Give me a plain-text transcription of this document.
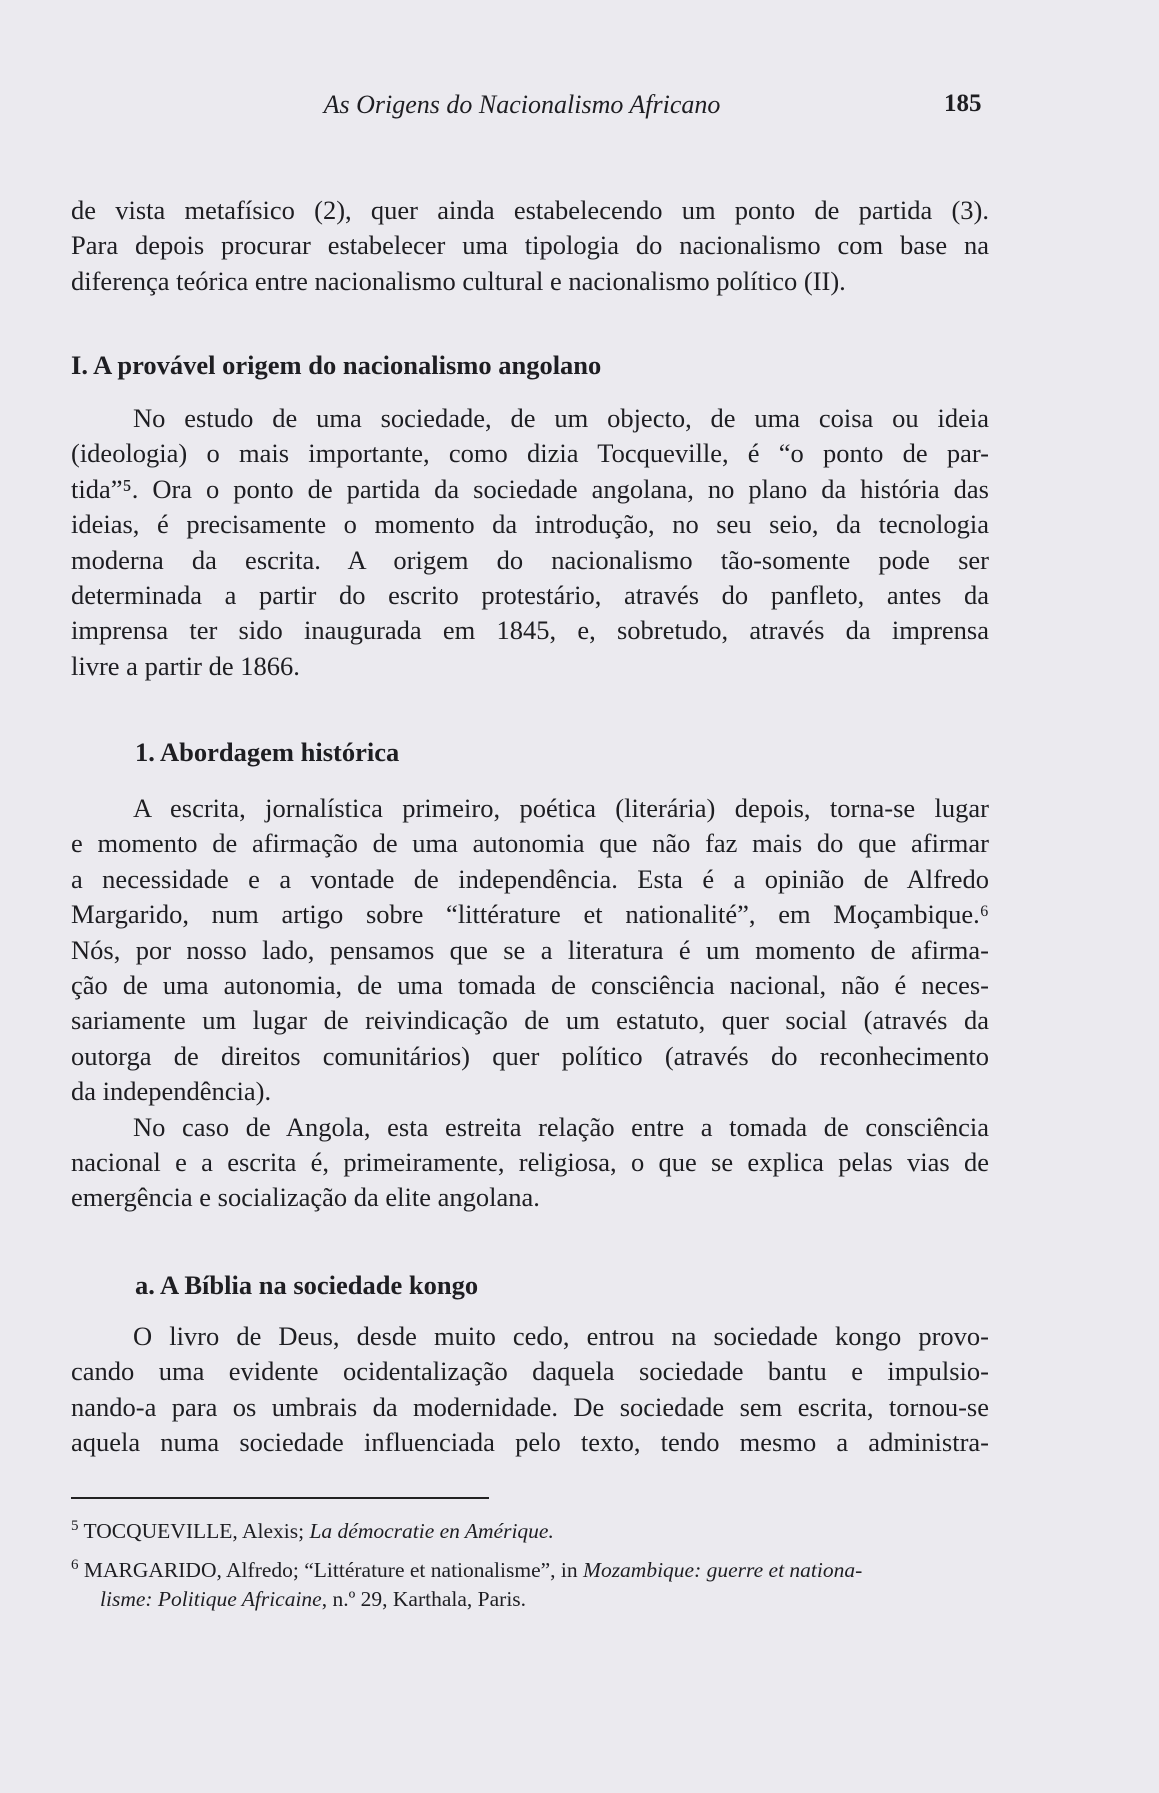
As Origens do Nacionalismo Africano	185
de vista metafísico (2), quer ainda estabelecendo um ponto de partida (3).
Para depois procurar estabelecer uma tipologia do nacionalismo com base na
diferença teórica entre nacionalismo cultural e nacionalismo político (II).
I. A provável origem do nacionalismo angolano
No estudo de uma sociedade, de um objecto, de uma coisa ou ideia
(ideologia) o mais importante, como dizia Tocqueville, é “o ponto de par-
tida”⁵. Ora o ponto de partida da sociedade angolana, no plano da história das
ideias, é precisamente o momento da introdução, no seu seio, da tecnologia
moderna da escrita. A origem do nacionalismo tão-somente pode ser
determinada a partir do escrito protestário, através do panfleto, antes da
imprensa ter sido inaugurada em 1845, e, sobretudo, através da imprensa
livre a partir de 1866.
1. Abordagem histórica
A escrita, jornalística primeiro, poética (literária) depois, torna-se lugar
e momento de afirmação de uma autonomia que não faz mais do que afirmar
a necessidade e a vontade de independência. Esta é a opinião de Alfredo
Margarido, num artigo sobre “littérature et nationalité”, em Moçambique.⁶
Nós, por nosso lado, pensamos que se a literatura é um momento de afirma-
ção de uma autonomia, de uma tomada de consciência nacional, não é neces-
sariamente um lugar de reivindicação de um estatuto, quer social (através da
outorga de direitos comunitários) quer político (através do reconhecimento
da independência).
No caso de Angola, esta estreita relação entre a tomada de consciência
nacional e a escrita é, primeiramente, religiosa, o que se explica pelas vias de
emergência e socialização da elite angolana.
a. A Bíblia na sociedade kongo
O livro de Deus, desde muito cedo, entrou na sociedade kongo provo-
cando uma evidente ocidentalização daquela sociedade bantu e impulsio-
nando-a para os umbrais da modernidade. De sociedade sem escrita, tornou-se
aquela numa sociedade influenciada pelo texto, tendo mesmo a administra-
$^5$ TOCQUEVILLE, Alexis; La démocratie en Amérique.
$^6$ MARGARIDO, Alfredo; “Littérature et nationalisme”, in Mozambique: guerre et nationa-
lisme: Politique Africaine, n.º 29, Karthala, Paris.
